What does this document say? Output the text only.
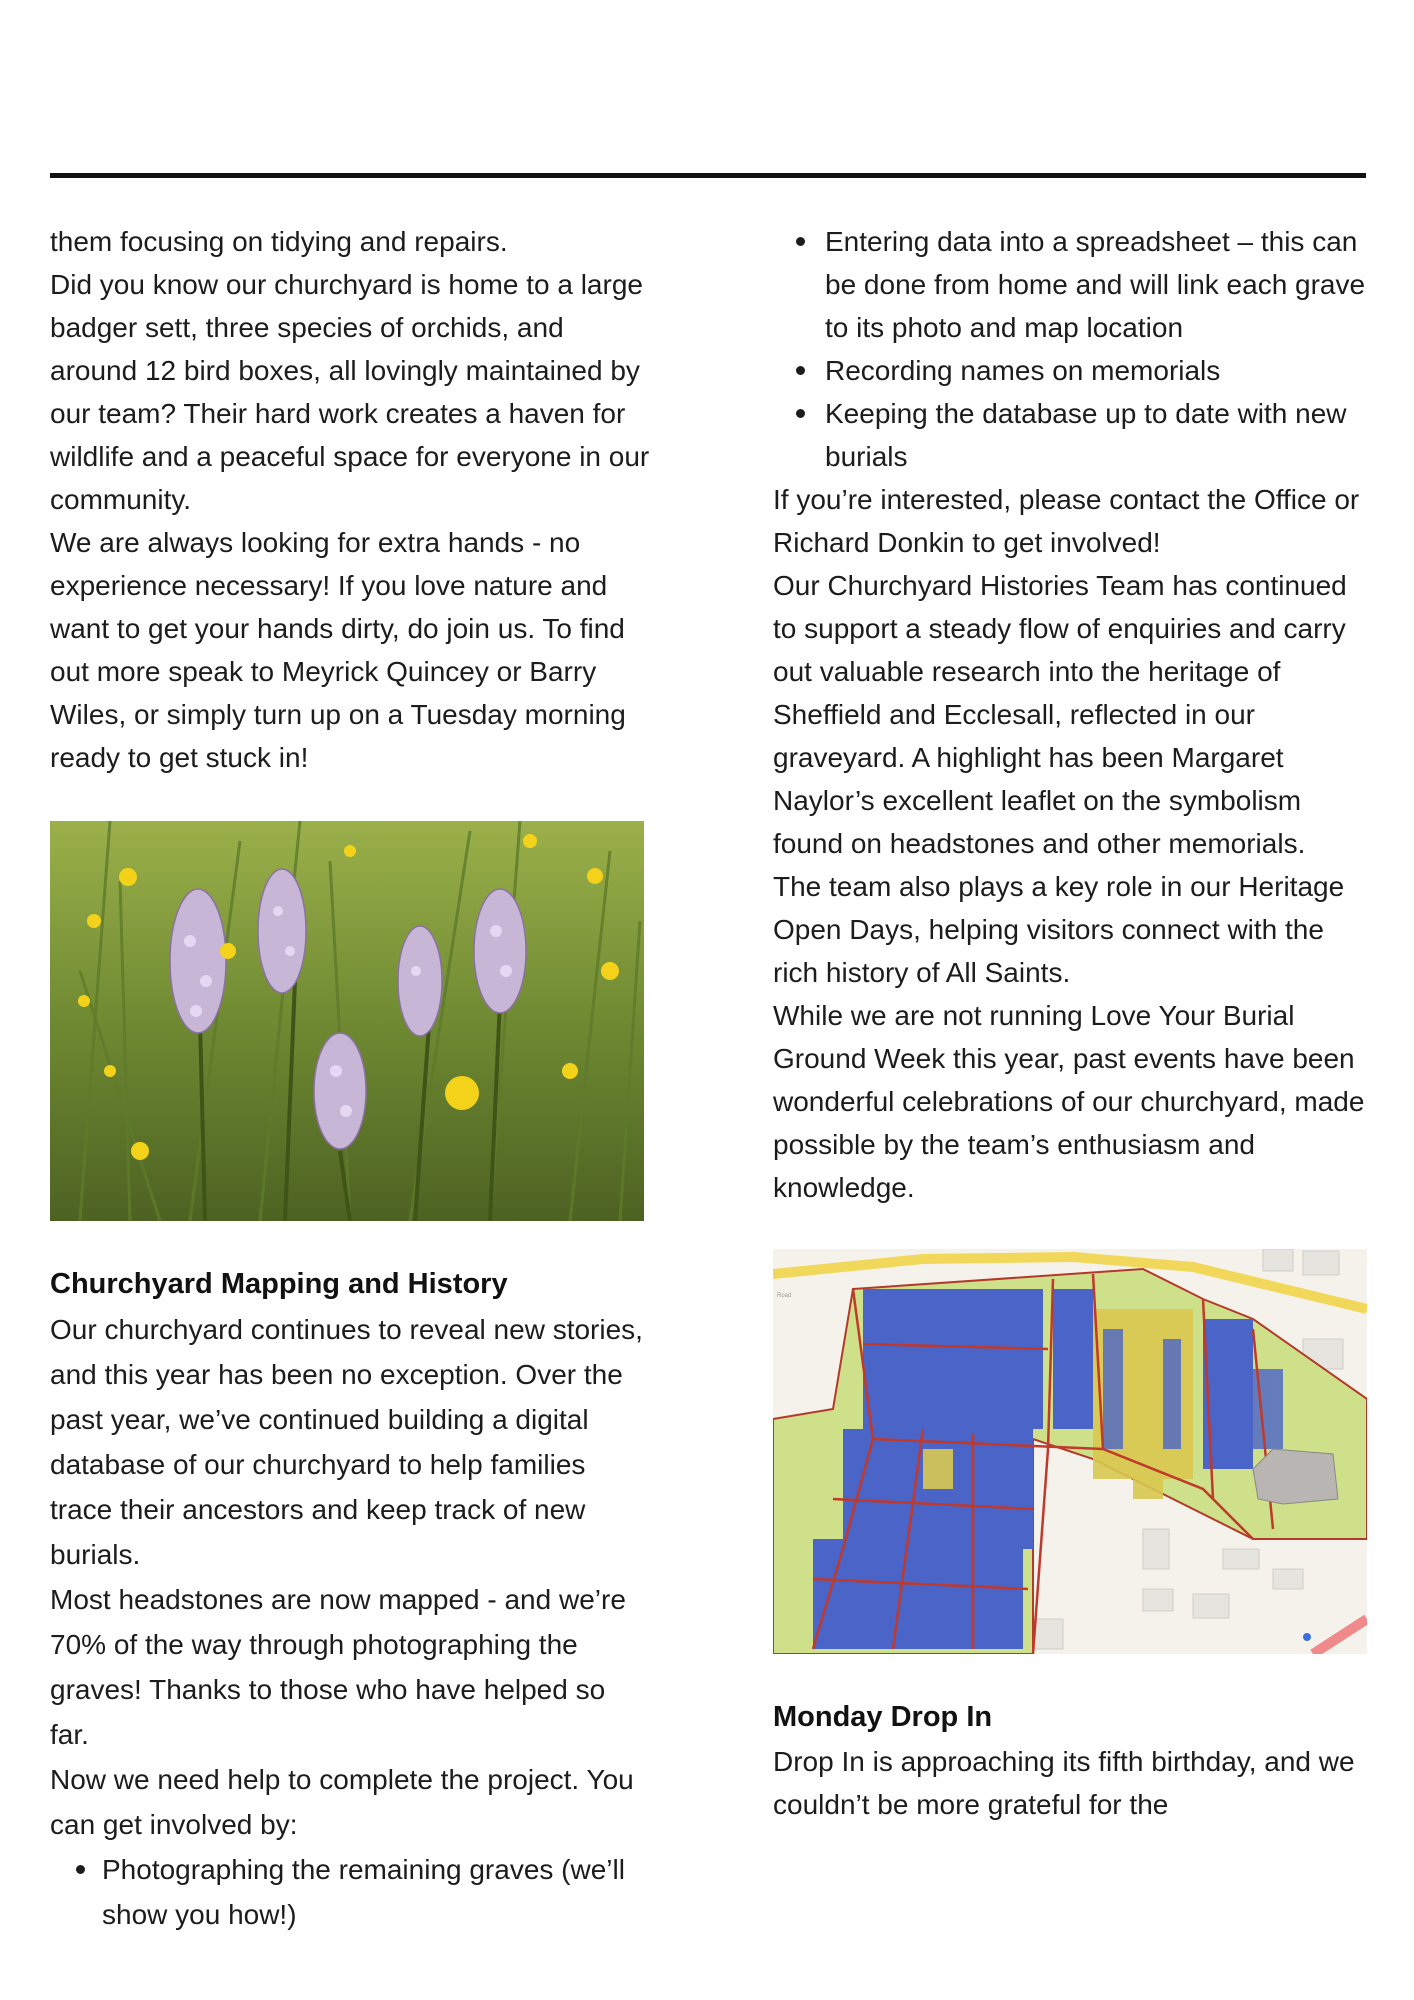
them focusing on tidying and repairs.

Did you know our churchyard is home to a large badger sett, three species of orchids, and around 12 bird boxes, all lovingly maintained by our team? Their hard work creates a haven for wildlife and a peaceful space for everyone in our community.

We are always looking for extra hands - no experience necessary! If you love nature and want to get your hands dirty, do join us. To find out more speak to Meyrick Quincey or Barry Wiles, or simply turn up on a Tuesday morning ready to get stuck in!

Churchyard Mapping and History

Our churchyard continues to reveal new stories, and this year has been no exception. Over the past year, we’ve continued building a digital database of our churchyard to help families trace their ancestors and keep track of new burials.

Most headstones are now mapped - and we’re 70% of the way through photographing the graves! Thanks to those who have helped so far.

Now we need help to complete the project. You can get involved by:

Photographing the remaining graves (we’ll show you how!)
Entering data into a spreadsheet – this can be done from home and will link each grave to its photo and map location
Recording names on memorials
Keeping the database up to date with new burials

If you’re interested, please contact the Office or Richard Donkin to get involved!

Our Churchyard Histories Team has continued to support a steady flow of enquiries and carry out valuable research into the heritage of Sheffield and Ecclesall, reflected in our graveyard. A highlight has been Margaret Naylor’s excellent leaflet on the symbolism found on headstones and other memorials.

The team also plays a key role in our Heritage Open Days, helping visitors connect with the rich history of All Saints.

While we are not running Love Your Burial Ground Week this year, past events have been wonderful celebrations of our churchyard, made possible by the team’s enthusiasm and knowledge.

Road
Monday Drop In

Drop In is approaching its fifth birthday, and we couldn’t be more grateful for the
